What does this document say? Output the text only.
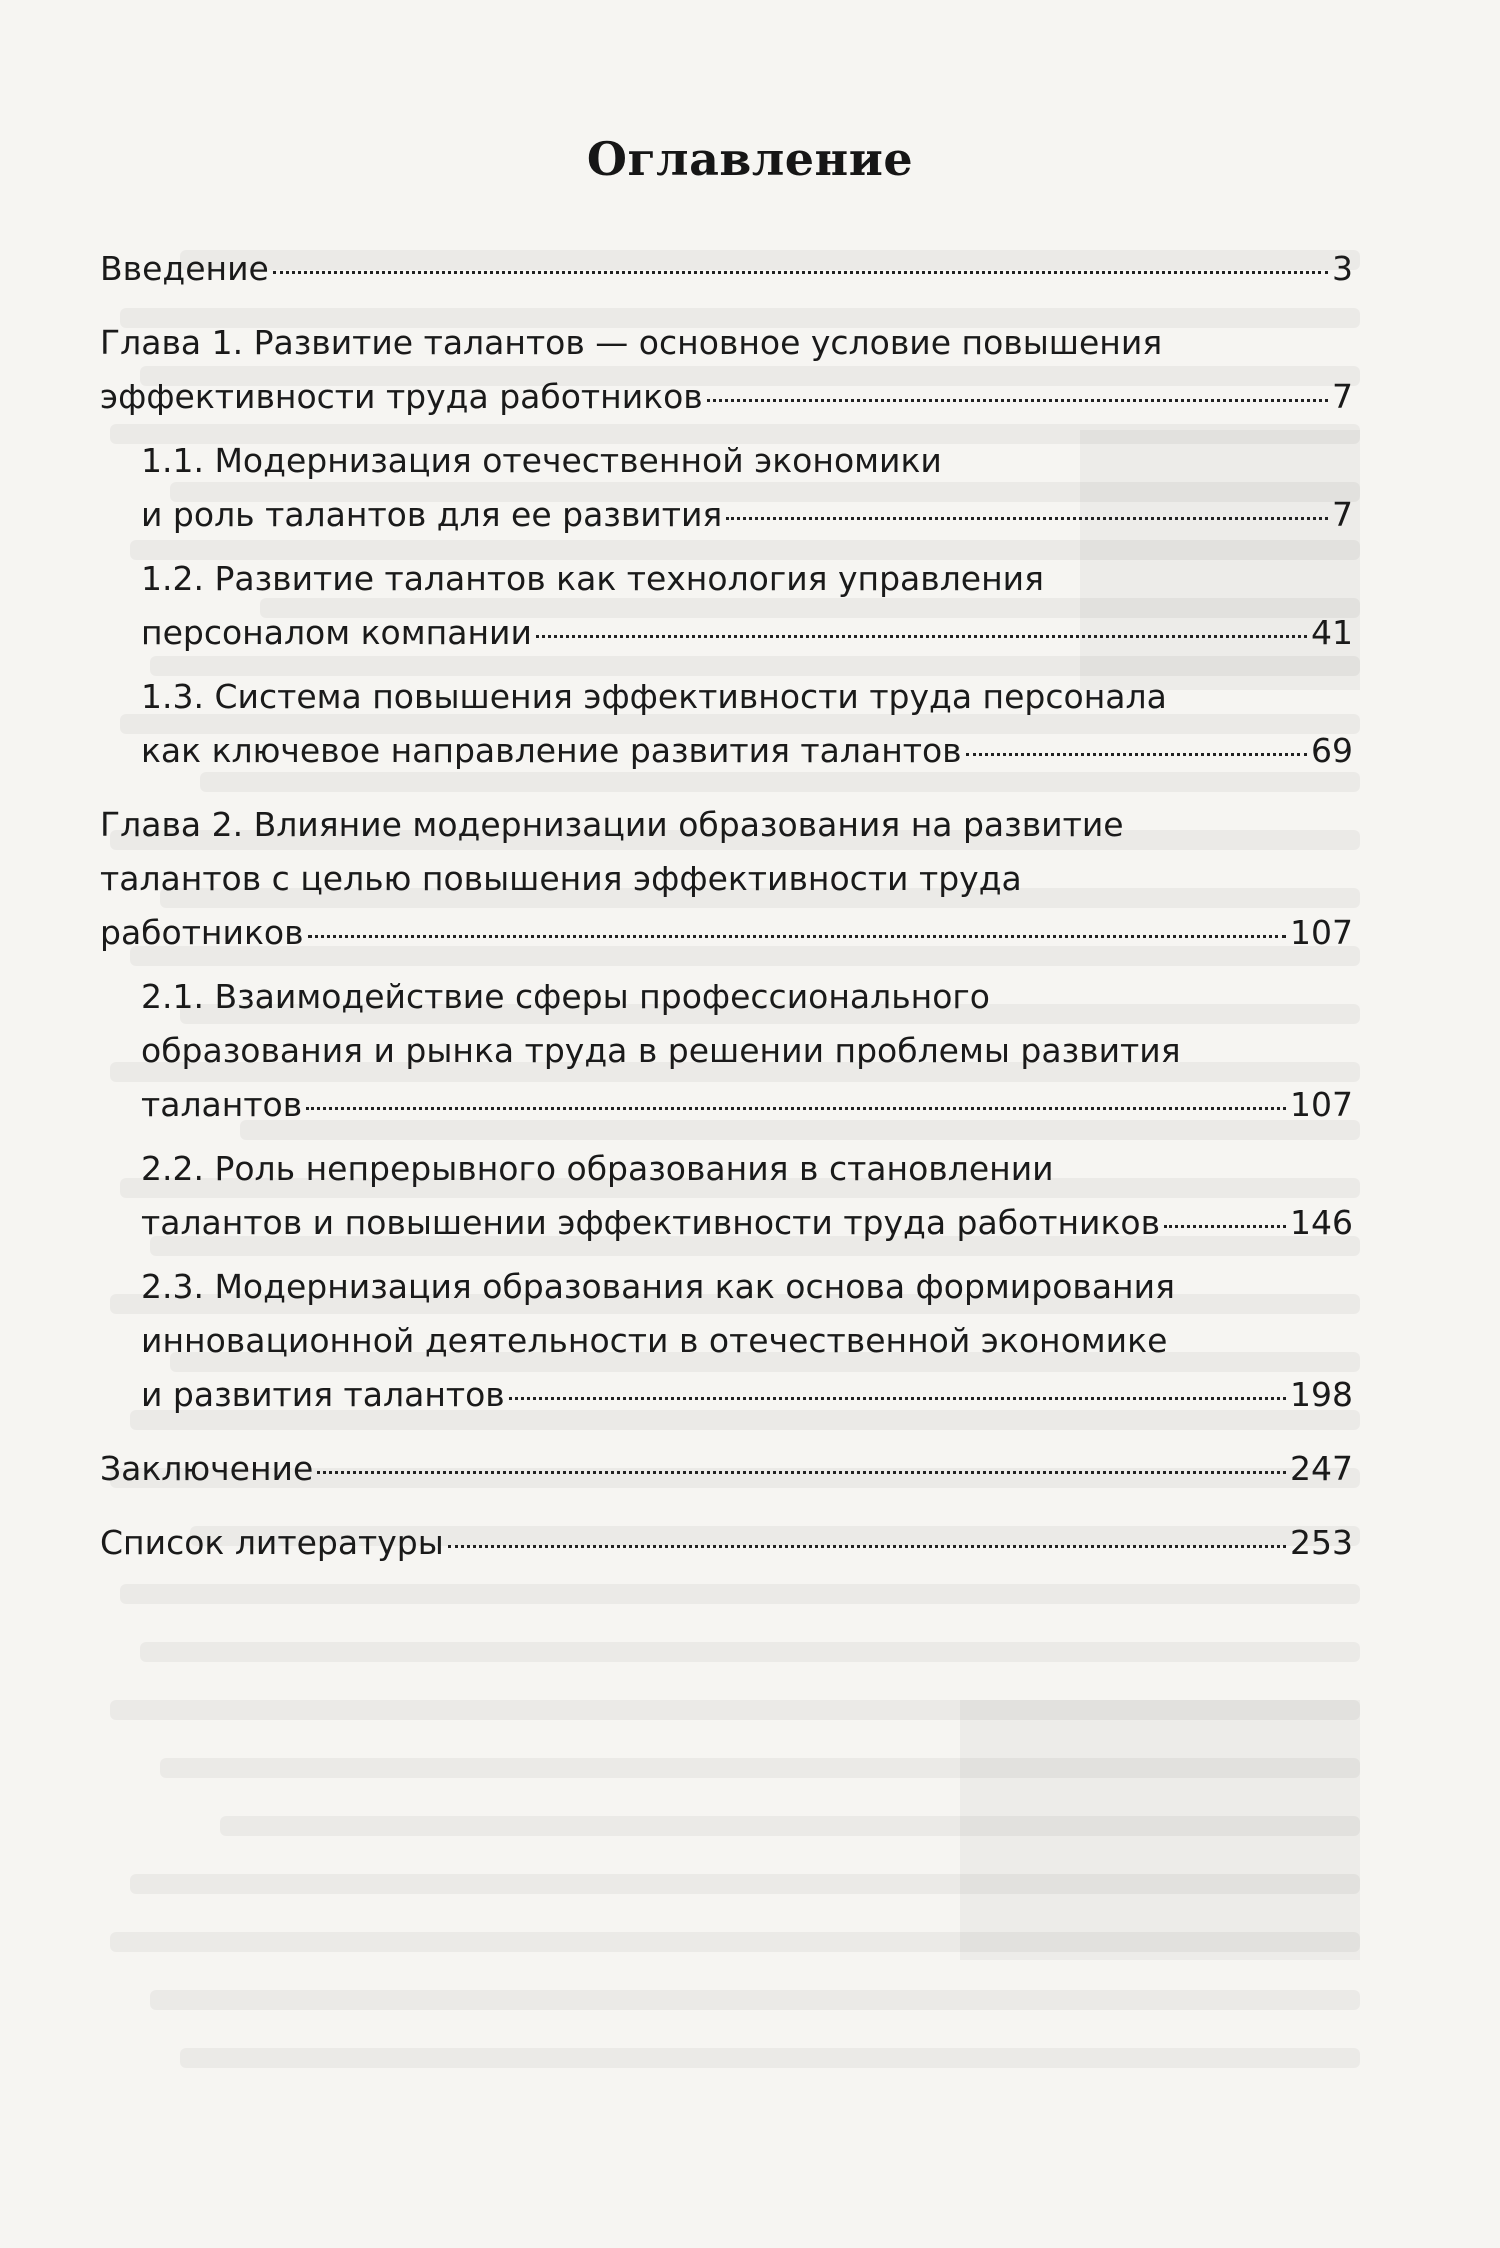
Оглавление
Введение	3
Глава 1. Развитие талантов — основное условие повышения
эффективности труда работников	7
1.1. Модернизация отечественной экономики
и роль талантов для ее развития	7
1.2. Развитие талантов как технология управления
персоналом компании	41
1.3. Система повышения эффективности труда персонала
как ключевое направление развития талантов	69
Глава 2. Влияние модернизации образования на развитие
талантов с целью повышения эффективности труда
работников	107
2.1. Взаимодействие сферы профессионального
образования и рынка труда в решении проблемы развития
талантов	107
2.2. Роль непрерывного образования в становлении
талантов и повышении эффективности труда работников	146
2.3. Модернизация образования как основа формирования
инновационной деятельности в отечественной экономике
и развития талантов	198
Заключение	247
Список литературы	253
